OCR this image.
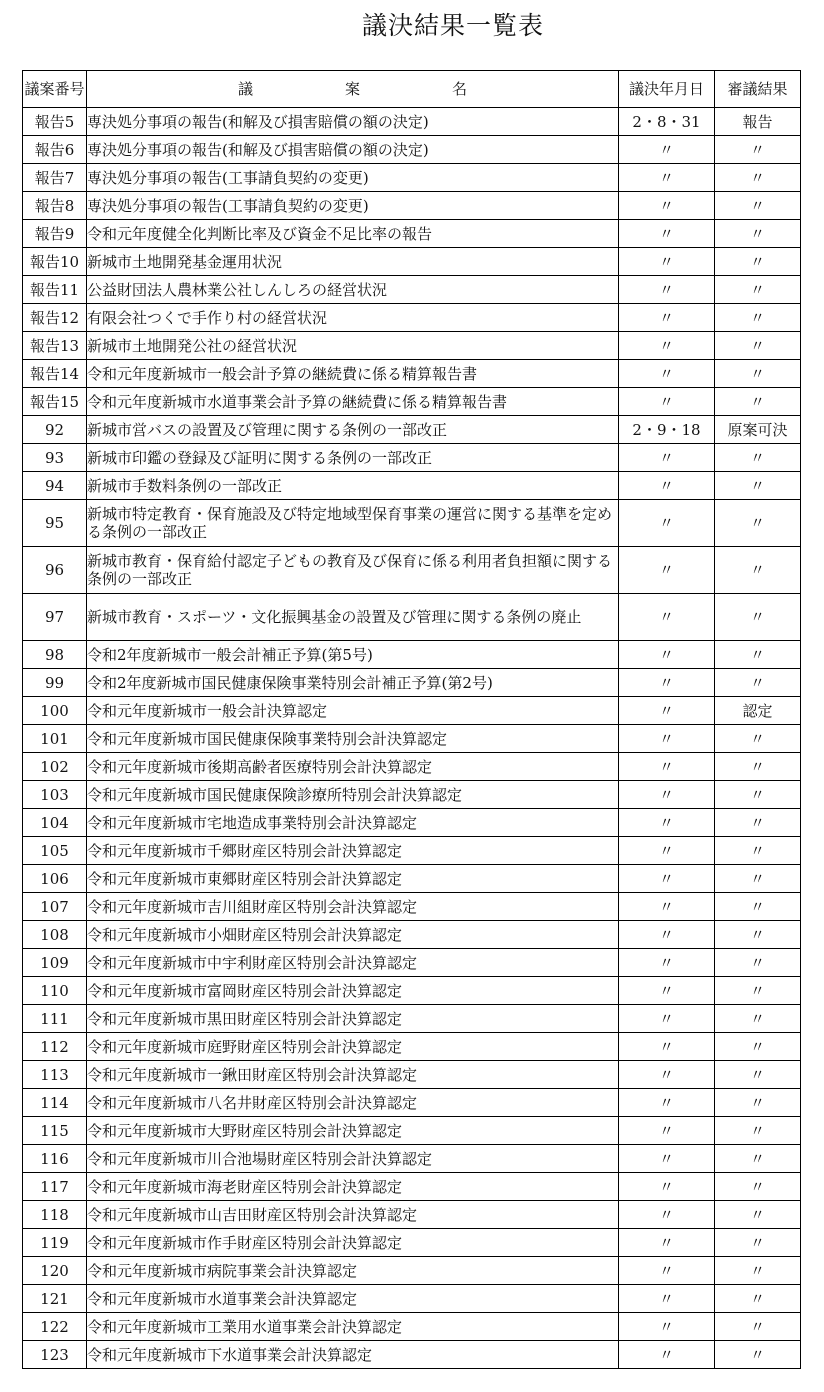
議決結果一覧表
議案番号	議 案 名	議決年月日	審議結果
報告5	専決処分事項の報告(和解及び損害賠償の額の決定)	2・8・31	報告
報告6	専決処分事項の報告(和解及び損害賠償の額の決定)	〃	〃
報告7	専決処分事項の報告(工事請負契約の変更)	〃	〃
報告8	専決処分事項の報告(工事請負契約の変更)	〃	〃
報告9	令和元年度健全化判断比率及び資金不足比率の報告	〃	〃
報告10	新城市土地開発基金運用状況	〃	〃
報告11	公益財団法人農林業公社しんしろの経営状況	〃	〃
報告12	有限会社つくで手作り村の経営状況	〃	〃
報告13	新城市土地開発公社の経営状況	〃	〃
報告14	令和元年度新城市一般会計予算の継続費に係る精算報告書	〃	〃
報告15	令和元年度新城市水道事業会計予算の継続費に係る精算報告書	〃	〃
92	新城市営バスの設置及び管理に関する条例の一部改正	2・9・18	原案可決
93	新城市印鑑の登録及び証明に関する条例の一部改正	〃	〃
94	新城市手数料条例の一部改正	〃	〃
95	新城市特定教育・保育施設及び特定地域型保育事業の運営に関する基準を定める条例の一部改正	〃	〃
96	新城市教育・保育給付認定子どもの教育及び保育に係る利用者負担額に関する条例の一部改正	〃	〃
97	新城市教育・スポーツ・文化振興基金の設置及び管理に関する条例の廃止	〃	〃
98	令和2年度新城市一般会計補正予算(第5号)	〃	〃
99	令和2年度新城市国民健康保険事業特別会計補正予算(第2号)	〃	〃
100	令和元年度新城市一般会計決算認定	〃	認定
101	令和元年度新城市国民健康保険事業特別会計決算認定	〃	〃
102	令和元年度新城市後期高齢者医療特別会計決算認定	〃	〃
103	令和元年度新城市国民健康保険診療所特別会計決算認定	〃	〃
104	令和元年度新城市宅地造成事業特別会計決算認定	〃	〃
105	令和元年度新城市千郷財産区特別会計決算認定	〃	〃
106	令和元年度新城市東郷財産区特別会計決算認定	〃	〃
107	令和元年度新城市吉川組財産区特別会計決算認定	〃	〃
108	令和元年度新城市小畑財産区特別会計決算認定	〃	〃
109	令和元年度新城市中宇利財産区特別会計決算認定	〃	〃
110	令和元年度新城市富岡財産区特別会計決算認定	〃	〃
111	令和元年度新城市黒田財産区特別会計決算認定	〃	〃
112	令和元年度新城市庭野財産区特別会計決算認定	〃	〃
113	令和元年度新城市一鍬田財産区特別会計決算認定	〃	〃
114	令和元年度新城市八名井財産区特別会計決算認定	〃	〃
115	令和元年度新城市大野財産区特別会計決算認定	〃	〃
116	令和元年度新城市川合池場財産区特別会計決算認定	〃	〃
117	令和元年度新城市海老財産区特別会計決算認定	〃	〃
118	令和元年度新城市山吉田財産区特別会計決算認定	〃	〃
119	令和元年度新城市作手財産区特別会計決算認定	〃	〃
120	令和元年度新城市病院事業会計決算認定	〃	〃
121	令和元年度新城市水道事業会計決算認定	〃	〃
122	令和元年度新城市工業用水道事業会計決算認定	〃	〃
123	令和元年度新城市下水道事業会計決算認定	〃	〃
